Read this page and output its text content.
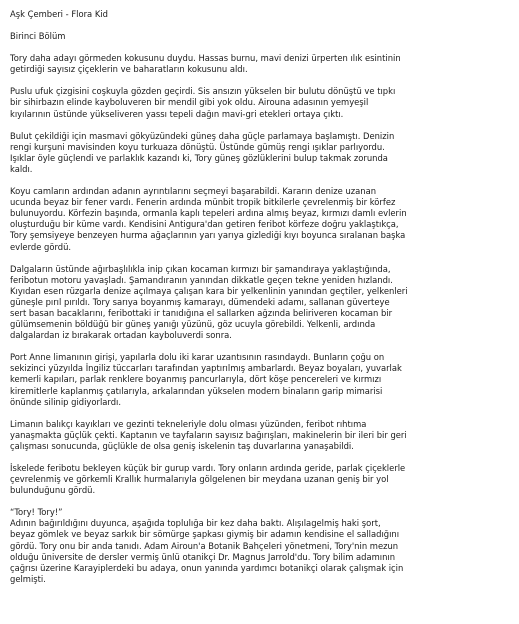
Aşk Çemberi - Flora Kid
Birinci Bölüm
Tory daha adayı görmeden kokusunu duydu. Hassas burnu, mavi denizi ürperten ılık esintinin
getirdiği sayısız çiçeklerin ve baharatların kokusunu aldı.
Puslu ufuk çizgisini coşkuyla gözden geçirdi. Sis ansızın yükselen bir bulutu dönüştü ve tıpkı
bir sihirbazın elinde kayboluveren bir mendil gibi yok oldu. Airouna adasının yemyeşil
kıyılarının üstünde yükseliveren yassı tepeli dağın mavi-gri etekleri ortaya çıktı.
Bulut çekildiği için masmavi gökyüzündeki güneş daha güçle parlamaya başlamıştı. Denizin
rengi kurşuni mavisinden koyu turkuaza dönüştü. Üstünde gümüş rengi ışıklar parlıyordu.
Işıklar öyle güçlendi ve parlaklık kazandı ki, Tory güneş gözlüklerini bulup takmak zorunda
kaldı.
Koyu camların ardından adanın ayrıntılarını seçmeyi başarabildi. Kararın denize uzanan
ucunda beyaz bir fener vardı. Fenerin ardında münbit tropik bitkilerle çevrelenmiş bir körfez
bulunuyordu. Körfezin başında, ormanla kaplı tepeleri ardına almış beyaz, kırmızı damlı evlerin
oluşturduğu bir küme vardı. Kendisini Antigura'dan getiren feribot körfeze doğru yaklaştıkça,
Tory şemsiyeye benzeyen hurma ağaçlarının yarı yarıya gizlediği kıyı boyunca sıralanan başka
evlerde gördü.
Dalgaların üstünde ağırbaşlılıkla inip çıkan kocaman kırmızı bir şamandıraya yaklaştığında,
feribotun motoru yavaşladı. Şamandıranın yanından dikkatle geçen tekne yeniden hızlandı.
Kıyıdan esen rüzgarla denize açılmaya çalışan kara bir yelkenlinin yanından geçtiler, yelkenleri
güneşle pırıl pırıldı. Tory sarıya boyanmış kamarayı, dümendeki adamı, sallanan güverteye
sert basan bacaklarını, feribottaki ir tanıdığına el sallarken ağzında beliriveren kocaman bir
gülümsemenin böldüğü bir güneş yanığı yüzünü, göz ucuyla görebildi. Yelkenli, ardında
dalgalardan iz bırakarak ortadan kayboluverdi sonra.
Port Anne limanının girişi, yapılarla dolu iki karar uzantısının rasındaydı. Bunların çoğu on
sekizinci yüzyılda İngiliz tüccarları tarafından yaptırılmış ambarlardı. Beyaz boyaları, yuvarlak
kemerli kapıları, parlak renklere boyanmış pancurlarıyla, dört köşe pencereleri ve kırmızı
kiremitlerle kaplanmış çatılarıyla, arkalarından yükselen modern binaların garip mimarisi
önünde silinip gidiyorlardı.
Limanın balıkçı kayıkları ve gezinti tekneleriyle dolu olması yüzünden, feribot rıhtıma
yanaşmakta güçlük çekti. Kaptanın ve tayfaların sayısız bağırışları, makinelerin bir ileri bir geri
çalışması sonucunda, güçlükle de olsa geniş iskelenin taş duvarlarına yanaşabildi.
İskelede feribotu bekleyen küçük bir gurup vardı. Tory onların ardında geride, parlak çiçeklerle
çevrelenmiş ve görkemli Krallık hurmalarıyla gölgelenen bir meydana uzanan geniş bir yol
bulunduğunu gördü.
“Tory! Tory!”
Adının bağırıldığını duyunca, aşağıda toplulığa bir kez daha baktı. Alışılagelmiş haki şort,
beyaz gömlek ve beyaz sarkık bir sömürge şapkası giymiş bir adamın kendisine el salladığını
gördü. Tory onu bir anda tanıdı. Adam Airoun'a Botanik Bahçeleri yönetmeni, Tory'nin mezun
olduğu üniversite de dersler vermiş ünlü otanikçi Dr. Magnus Jarrold'du. Tory bilim adamının
çağrısı üzerine Karayiplerdeki bu adaya, onun yanında yardımcı botanikçi olarak çalışmak için
gelmişti.
